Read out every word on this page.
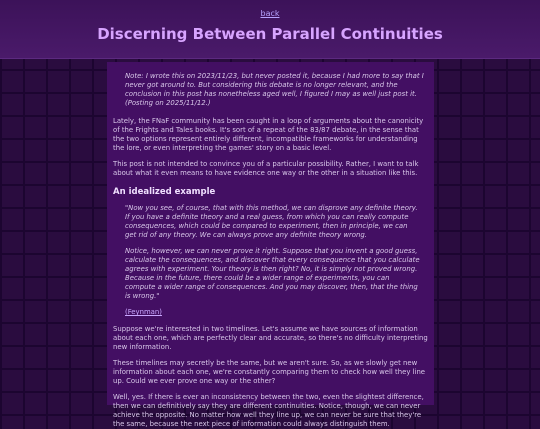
back
Discerning Between Parallel Continuities

Note: I wrote this on 2023/11/23, but never posted it, because I had more to say that I never got around to. But considering this debate is no longer relevant, and the conclusion in this post has nonetheless aged well, I figured I may as well just post it. (Posting on 2025/11/12.)

Lately, the FNaF community has been caught in a loop of arguments about the canonicity of the Frights and Tales books. It's sort of a repeat of the 83/87 debate, in the sense that the two options represent entirely different, incompatible frameworks for understanding the lore, or even interpreting the games' story on a basic level.

This post is not intended to convince you of a particular possibility. Rather, I want to talk about what it even means to have evidence one way or the other in a situation like this.

An idealized example

"Now you see, of course, that with this method, we can disprove any definite theory. If you have a definite theory and a real guess, from which you can really compute consequences, which could be compared to experiment, then in principle, we can get rid of any theory. We can always prove any definite theory wrong.

Notice, however, we can never prove it right. Suppose that you invent a good guess, calculate the consequences, and discover that every consequence that you calculate agrees with experiment. Your theory is then right? No, it is simply not proved wrong. Because in the future, there could be a wider range of experiments, you can compute a wider range of consequences. And you may discover, then, that the thing is wrong."

(Feynman)

Suppose we're interested in two timelines. Let's assume we have sources of information about each one, which are perfectly clear and accurate, so there's no difficulty interpreting new information.

These timelines may secretly be the same, but we aren't sure. So, as we slowly get new information about each one, we're constantly comparing them to check how well they line up. Could we ever prove one way or the other?

Well, yes. If there is ever an inconsistency between the two, even the slightest difference, then we can definitively say they are different continuities. Notice, though, we can never achieve the opposite. No matter how well they line up, we can never be sure that they're the same, because the next piece of information could always distinguish them.
